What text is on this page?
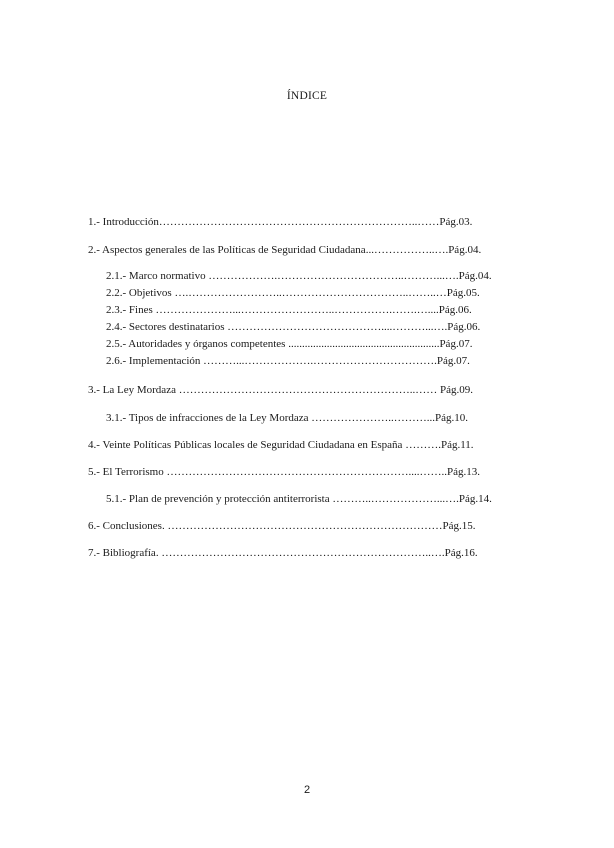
ÍNDICE
1.- Introducción……………………………………………………………..……Pág.03.
2.- Aspectos generales de las Políticas de Seguridad Ciudadana...……………..….Pág.04.
2.1.- Marco normativo ……………….……………………………..………...….Pág.04.
2.2.- Objetivos ….……………………..……………………………..……..…Pág.05.
2.3.- Fines …………………...……………………..…………….…….…....Pág.06.
2.4.- Sectores destinatarios ……………………………………....………...….Pág.06.
2.5.- Autoridades y órganos competentes .......................................................Pág.07.
2.6.- Implementación ………...……………….…………………………….Pág.07.
3.- La Ley Mordaza ………………………………………………………..…… Pág.09.
3.1.- Tipos de infracciones de la Ley Mordaza …………………..………...Pág.10.
4.- Veinte Políticas Públicas locales de Seguridad Ciudadana en España ……….Pág.11.
5.- El Terrorismo …………………………………………………………....……..Pág.13.
5.1.- Plan de prevención y protección antiterrorista ………..………………...….Pág.14.
6.- Conclusiones. …………………………………………………………………Pág.15.
7.- Bibliografía. ………………………………………………………………..….Pág.16.
2
